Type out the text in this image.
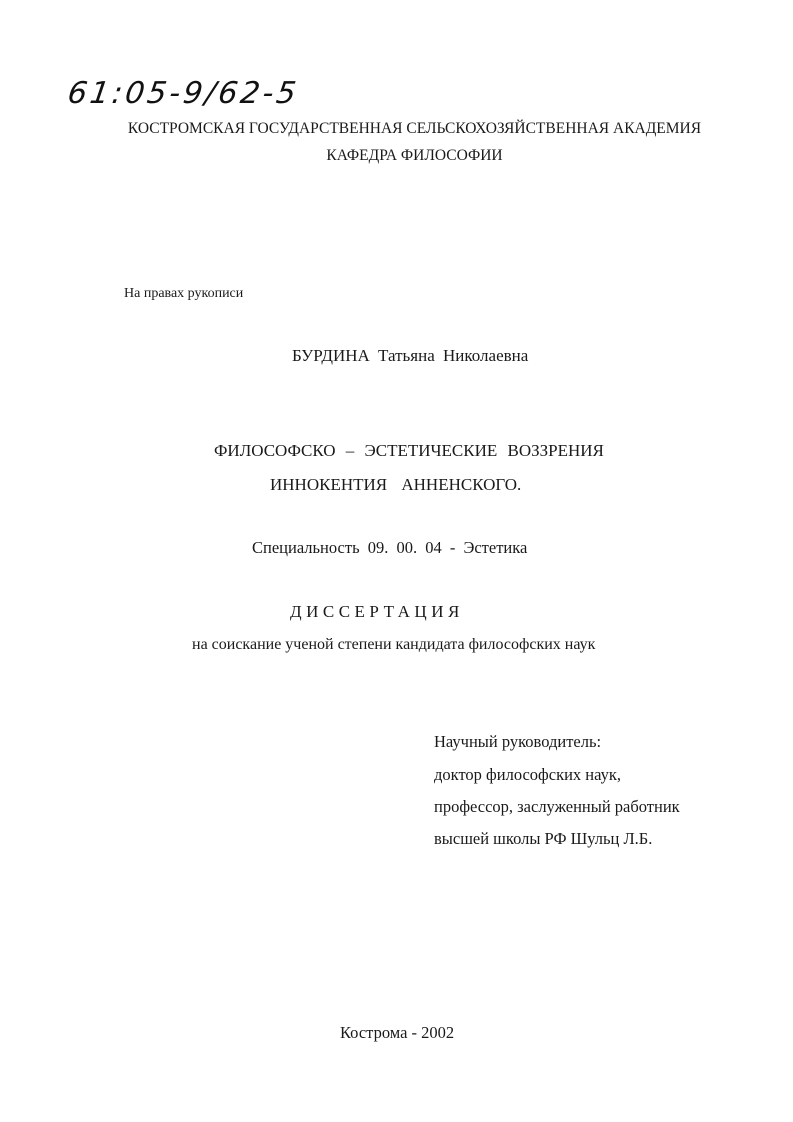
61:05-9/62-5
КОСТРОМСКАЯ ГОСУДАРСТВЕННАЯ СЕЛЬСКОХОЗЯЙСТВЕННАЯ АКАДЕМИЯ
КАФЕДРА ФИЛОСОФИИ
На правах рукописи
БУРДИНА Татьяна Николаевна
ФИЛОСОФСКО – ЭСТЕТИЧЕСКИЕ ВОЗЗРЕНИЯ
ИННОКЕНТИЯ АННЕНСКОГО.
Специальность 09. 00. 04 - Эстетика
ДИССЕРТАЦИЯ
на соискание ученой степени кандидата философских наук
Научный руководитель:
доктор философских наук,
профессор, заслуженный работник
высшей школы РФ Шульц Л.Б.
Кострома - 2002
